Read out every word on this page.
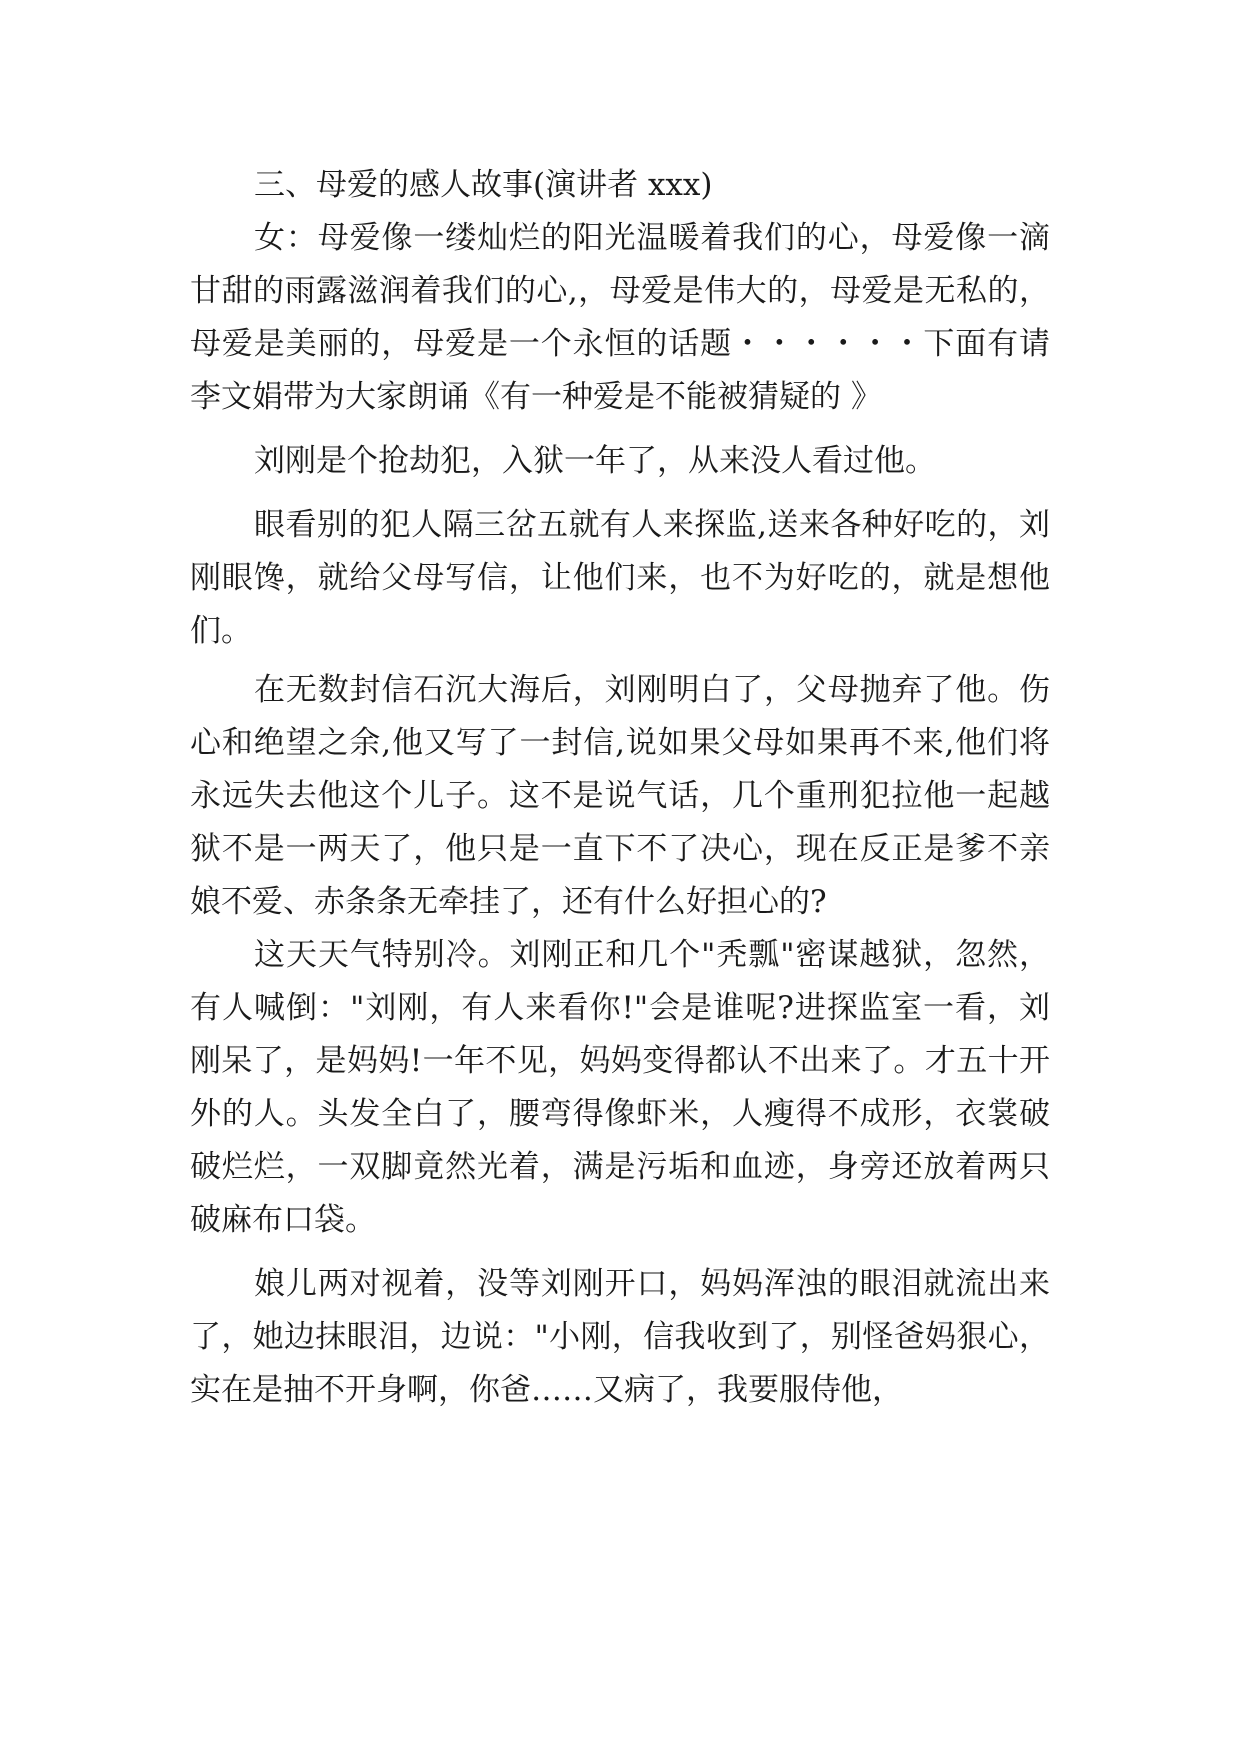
三、母爱的感人故事(演讲者 xxx)

女：母爱像一缕灿烂的阳光温暖着我们的心，母爱像一滴甘甜的雨露滋润着我们的心,，母爱是伟大的，母爱是无私的，母爱是美丽的，母爱是一个永恒的话题・・・・・・下面有请李文娟带为大家朗诵《有一种爱是不能被猜疑的 》

刘刚是个抢劫犯，入狱一年了，从来没人看过他。

眼看别的犯人隔三岔五就有人来探监,送来各种好吃的，刘刚眼馋，就给父母写信，让他们来，也不为好吃的，就是想他们。

在无数封信石沉大海后，刘刚明白了，父母抛弃了他。伤心和绝望之余,他又写了一封信,说如果父母如果再不来,他们将永远失去他这个儿子。这不是说气话，几个重刑犯拉他一起越狱不是一两天了，他只是一直下不了决心，现在反正是爹不亲娘不爱、赤条条无牵挂了，还有什么好担心的?

这天天气特别冷。刘刚正和几个"秃瓢"密谋越狱，忽然，有人喊倒："刘刚，有人来看你!"会是谁呢?进探监室一看，刘刚呆了，是妈妈!一年不见，妈妈变得都认不出来了。才五十开外的人。头发全白了，腰弯得像虾米，人瘦得不成形，衣裳破破烂烂，一双脚竟然光着，满是污垢和血迹，身旁还放着两只破麻布口袋。

娘儿两对视着，没等刘刚开口，妈妈浑浊的眼泪就流出来了，她边抹眼泪，边说："小刚，信我收到了，别怪爸妈狠心，实在是抽不开身啊，你爸……又病了，我要服侍他，
